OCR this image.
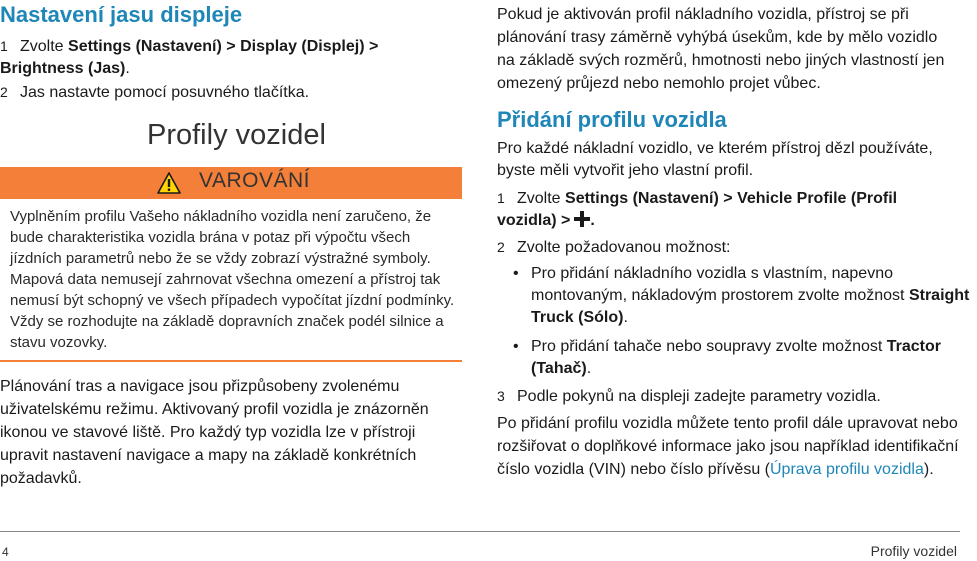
Nastavení jasu displeje
1 Zvolte Settings (Nastavení) > Display (Displej) > Brightness (Jas).
2 Jas nastavte pomocí posuvného tlačítka.
Profily vozidel
VAROVÁNÍ
Vyplněním profilu Vašeho nákladního vozidla není zaručeno, že bude charakteristika vozidla brána v potaz při výpočtu všech jízdních parametrů nebo že se vždy zobrazí výstražné symboly.
Mapová data nemusejí zahrnovat všechna omezení a přístroj tak nemusí být schopný ve všech případech vypočítat jízdní podmínky. Vždy se rozhodujte na základě dopravních značek podél silnice a stavu vozovky.
Plánování tras a navigace jsou přizpůsobeny zvolenému uživatelskému režimu. Aktivovaný profil vozidla je znázorněn ikonou ve stavové liště. Pro každý typ vozidla lze v přístroji upravit nastavení navigace a mapy na základě konkrétních požadavků.
Pokud je aktivován profil nákladního vozidla, přístroj se při plánování trasy záměrně vyhýbá úsekům, kde by mělo vozidlo na základě svých rozměrů, hmotnosti nebo jiných vlastností jen omezený průjezd nebo nemohlo projet vůbec.
Přidání profilu vozidla
Pro každé nákladní vozidlo, ve kterém přístroj dězl používáte, byste měli vytvořit jeho vlastní profil.
1 Zvolte Settings (Nastavení) > Vehicle Profile (Profil vozidla) > .
2 Zvolte požadovanou možnost:
• Pro přidání nákladního vozidla s vlastním, napevno montovaným, nákladovým prostorem zvolte možnost Straight Truck (Sólo).
• Pro přidání tahače nebo soupravy zvolte možnost Tractor (Tahač).
3 Podle pokynů na displeji zadejte parametry vozidla.
Po přidání profilu vozidla můžete tento profil dále upravovat nebo rozšiřovat o doplňkové informace jako jsou například identifikační číslo vozidla (VIN) nebo číslo přívěsu (Úprava profilu vozidla).
4	Profily vozidel
